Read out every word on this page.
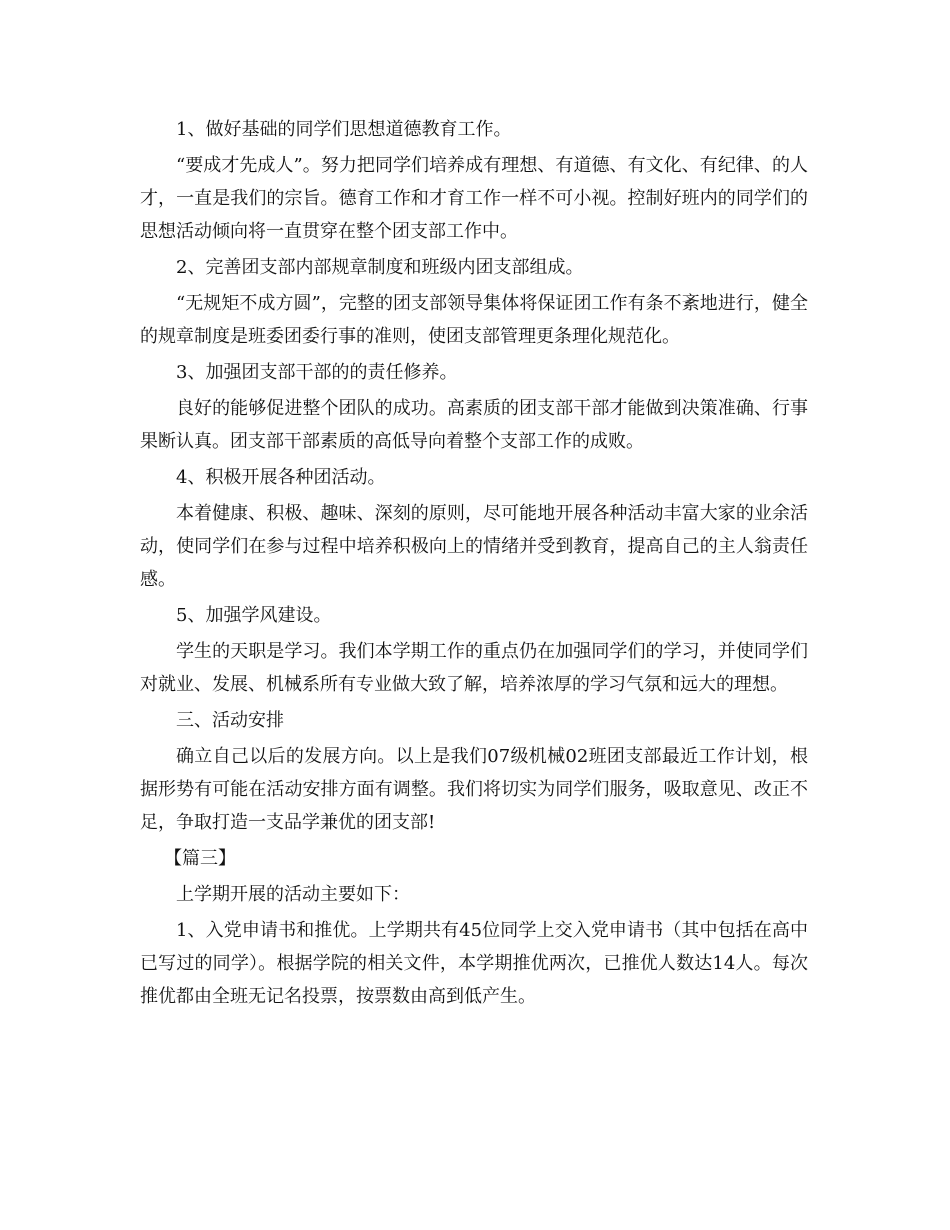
1、做好基础的同学们思想道德教育工作。

“要成才先成人”。努力把同学们培养成有理想、有道德、有文化、有纪律、的人才，一直是我们的宗旨。德育工作和才育工作一样不可小视。控制好班内的同学们的思想活动倾向将一直贯穿在整个团支部工作中。

2、完善团支部内部规章制度和班级内团支部组成。

“无规矩不成方圆”，完整的团支部领导集体将保证团工作有条不紊地进行，健全的规章制度是班委团委行事的准则，使团支部管理更条理化规范化。

3、加强团支部干部的的责任修养。

良好的能够促进整个团队的成功。高素质的团支部干部才能做到决策准确、行事果断认真。团支部干部素质的高低导向着整个支部工作的成败。

4、积极开展各种团活动。

本着健康、积极、趣味、深刻的原则，尽可能地开展各种活动丰富大家的业余活动，使同学们在参与过程中培养积极向上的情绪并受到教育，提高自己的主人翁责任感。

5、加强学风建设。

学生的天职是学习。我们本学期工作的重点仍在加强同学们的学习，并使同学们对就业、发展、机械系所有专业做大致了解，培养浓厚的学习气氛和远大的理想。

三、活动安排

确立自己以后的发展方向。以上是我们07级机械02班团支部最近工作计划，根据形势有可能在活动安排方面有调整。我们将切实为同学们服务，吸取意见、改正不足，争取打造一支品学兼优的团支部!

【篇三】

上学期开展的活动主要如下：

1、入党申请书和推优。上学期共有45位同学上交入党申请书（其中包括在高中已写过的同学）。根据学院的相关文件，本学期推优两次，已推优人数达14人。每次推优都由全班无记名投票，按票数由高到低产生。
